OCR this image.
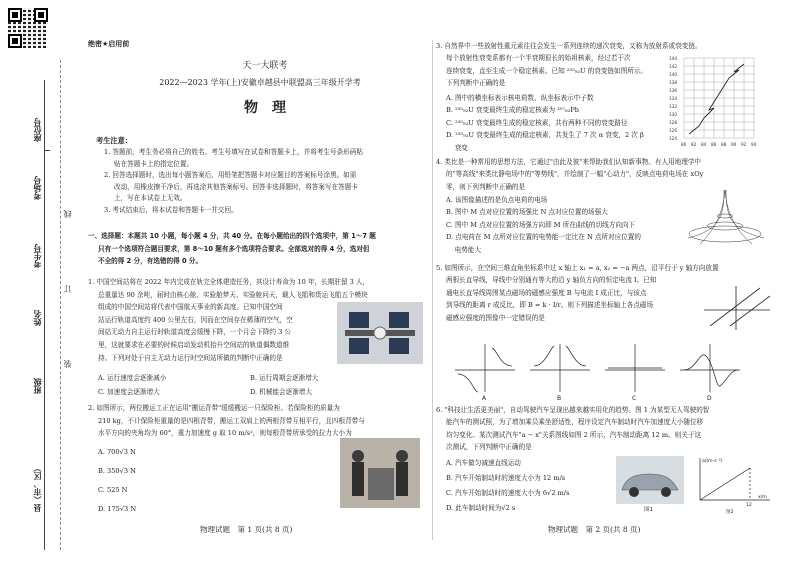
座位号
考场号
考生号
姓名
班级
县（市、区）
线
订
装
绝密★启用前
天一大联考
2022—2023 学年(上)安徽卓越县中联盟高三年级开学考
物　理
考生注意：
1. 答题前，考生务必将自己的姓名、考生号填写在试卷和答题卡上，并将考生号条形码粘
贴在答题卡上的指定位置。
2. 回答选择题时，选出每小题答案后，用铅笔把答题卡对应题目的答案标号涂黑。如需
改动，用橡皮擦干净后，再选涂其他答案标号。回答非选择题时，将答案写在答题卡
上，写在本试卷上无效。
3. 考试结束后，将本试卷和答题卡一并交回。
一、选择题：本题共 10 小题，每小题 4 分，共 40 分。在每小题给出的四个选项中，第 1～7 题
只有一个选项符合题目要求，第 8～10 题有多个选项符合要求。全部选对的得 4 分，选对但
不全的得 2 分，有选错的得 0 分。
1. 中国空间站将在 2022 年内完成在轨完全体建造任务，其设计寿命为 10 年，长期驻留 3 人，
总重量达 90 余吨，届时由核心舱、实验舱梦天、实验舱问天，载人飞船和货运飞船五个模块
组成的中国空间站将代表中国航天事业的新高度。已知中国空间
站运行轨道高度约 400 公里左右，因而在空间存在稀薄的空气，空
间站无动力自主运行时轨道高度会缓慢下降，一个月会下降约 3 公
里，这就要求在必要的时候启动发动机抬升空间站的轨道偶数道维
持。下列对处于自主无动力运行时空间站所做的判断中正确的是
A. 运行速度会逐渐减小	B. 运行周期会逐渐增大
C. 加速度会逐渐增大	D. 机械能会逐渐增大
2. 如图所示，两位搬运工正在运用"搬运背带"缓缓搬运一只保险柜。若保险柜的质量为
210 kg，不计保险柜重量的是四根背带，搬运工双肩上的两根背带互相平行，且四根背带与
水平方向的夹角均为 60°，重力加速度 g 取 10 m/s²，则每根背带所承受的拉力大小为
A. 700√3 N
B. 350√3 N
C. 525 N
D. 175√3 N
物理试题　第 1 页(共 8 页)
3. 自然界中一些放射性重元素往往会发生一系列连续的递次衰变，又称为放射系或衰变链。
每个放射性衰变系都有一个半衰期很长的始祖核素，经过若干次
连续衰变，直至生成一个稳定核素。已知 ²³⁵₉₂U 的衰变链如图所示。
下列判断中正确的是
A. 图中的横坐标表示核电荷数，纵坐标表示中子数
B. ²³⁵₉₂U 衰变最终生成的稳定核素为 ²⁰⁷₈₂Pb
C. ²³⁵₉₂U 衰变最终生成的稳定核素，共有两种不同的衰变路径
D. ²³⁵₉₂U 衰变最终生成的稳定核素，共发生了 7 次 α 衰变，2 次 β
　 衰变
144
142
140
138
136
134
132
130
128
126
124
80 82 84 86 88 90 92 94
4. 类比是一种常用的思想方法，它通过"由此及彼"来帮助我们认知新事物。有人用地理学中
的"等高线"来类比静电场中的"等势线"，并绘制了一幅"心动力"，反映点电荷电场在 xOy
零，则下列判断中正确的是
A. 该图像描述的是负点电荷的电场
B. 图中 M 点对应位置的场强比 N 点对应位置的场强大
C. 图中 M 点对应位置的场强方向即 M 所在曲线的切线方向向下
D. 点电荷在 M 点所对应位置的电势能一定比在 N 点所对应位置的
　 电势能大
5. 如图所示，在空间三维直角坐标系中过 x 轴上 x₁ = a, x₂ = −a 两点，沿平行于 y 轴方向放置
两根长直导线，导线中分别通有等大的沿 y 轴负方向的恒定电流 I。已知
通电长直导线周围某点磁场的磁感应强度 B 与电流 I 成正比，与该点
到导线的距离 r 成反比，即 B = k · I/r。则下列描述坐标轴上各点磁场
磁感应强度的图像中一定错误的是
A	B	C	D
6. "科技让生活更美丽"，自动驾驶汽车呈现出越来越实用化的趋势。图 1 为某型无人驾驶的智
能汽车的测试照，为了增加乘员乘坐舒适性，程序设定汽车制动时汽车加速度大小随位移
均匀变化。某次测试汽车"a − x"关系图线如图 2 所示，汽车制动距离 12 m。则关于这
次测试，下列判断中正确的是
A. 汽车做匀减速直线运动
B. 汽车开始制动时的速度大小为 12 m/s
C. 汽车开始制动时的速度大小为 6√2 m/s
D. 此车制动时间为√2 s	图1
a/(m·s⁻²)
x/m
12
图2
物理试题　第 2 页(共 8 页)
